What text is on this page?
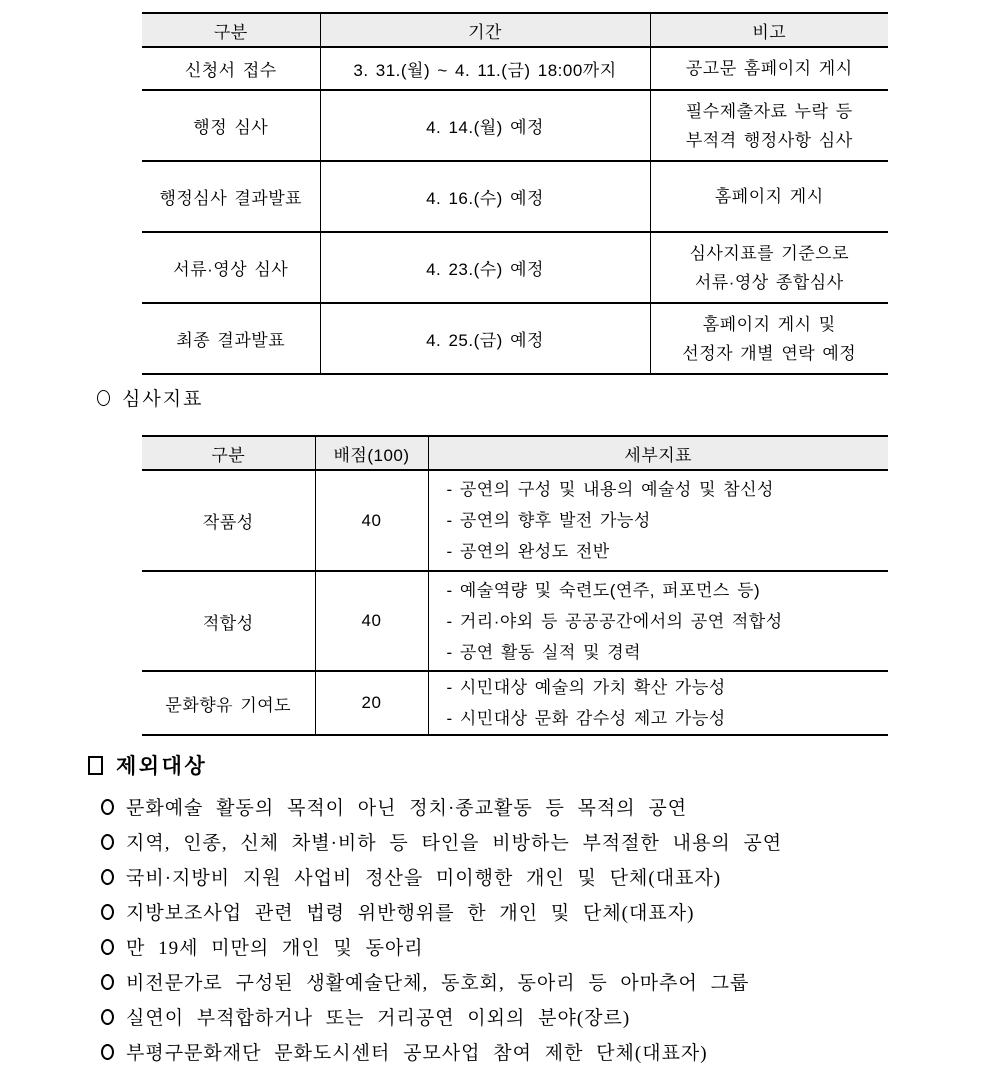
구분	기간	비고
신청서 접수	3. 31.(월) ~ 4. 11.(금) 18:00까지	공고문 홈페이지 게시

행정 심사	4. 14.(월) 예정	필수제출자료 누락 등
부적격 행정사항 심사

행정심사 결과발표	4. 16.(수) 예정	홈페이지 게시

서류·영상 심사	4. 23.(수) 예정	심사지표를 기준으로
서류·영상 종합심사

최종 결과발표	4. 25.(금) 예정	홈페이지 게시 및
선정자 개별 연락 예정
심사지표
구분	배점(100)	세부지표
작품성	40	- 공연의 구성 및 내용의 예술성 및 참신성
- 공연의 향후 발전 가능성
- 공연의 완성도 전반

적합성	40	- 예술역량 및 숙련도(연주, 퍼포먼스 등)
- 거리·야외 등 공공공간에서의 공연 적합성
- 공연 활동 실적 및 경력

문화향유 기여도	20	- 시민대상 예술의 가치 확산 가능성
- 시민대상 문화 감수성 제고 가능성
제외대상
문화예술 활동의 목적이 아닌 정치·종교활동 등 목적의 공연
지역, 인종, 신체 차별·비하 등 타인을 비방하는 부적절한 내용의 공연
국비·지방비 지원 사업비 정산을 미이행한 개인 및 단체(대표자)
지방보조사업 관련 법령 위반행위를 한 개인 및 단체(대표자)
만 19세 미만의 개인 및 동아리
비전문가로 구성된 생활예술단체, 동호회, 동아리 등 아마추어 그룹
실연이 부적합하거나 또는 거리공연 이외의 분야(장르)
부평구문화재단 문화도시센터 공모사업 참여 제한 단체(대표자)
